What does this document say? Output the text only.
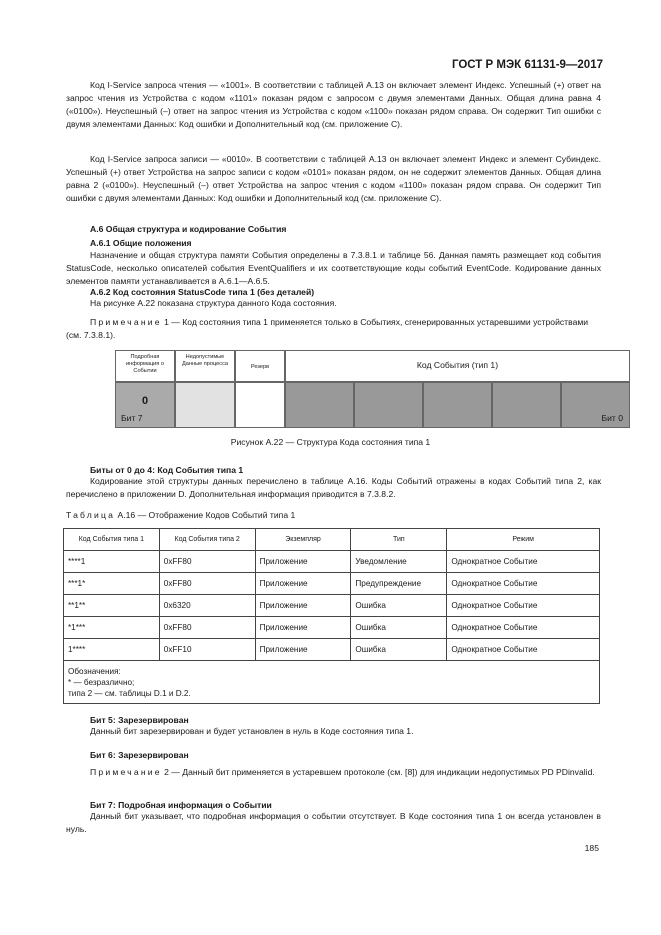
ГОСТ Р МЭК 61131-9—2017
Код I-Service запроса чтения — «1001». В соответствии с таблицей А.13 он включает элемент Индекс. Успешный (+) ответ на запрос чтения из Устройства с кодом «1101» показан рядом с запросом с двумя элементами Данных. Общая длина равна 4 («0100»). Неуспешный (–) ответ на запрос чтения из Устройства с кодом «1100» показан рядом справа. Он содержит Тип ошибки с двумя элементами Данных: Код ошибки и Дополнительный код (см. приложение С).
Код I-Service запроса записи — «0010». В соответствии с таблицей А.13 он включает элемент Индекс и элемент Субиндекс. Успешный (+) ответ Устройства на запрос записи с кодом «0101» показан рядом, он не содержит элементов Данных. Общая длина равна 2 («0100»). Неуспешный (–) ответ Устройства на запрос чтения с кодом «1100» показан рядом справа. Он содержит Тип ошибки с двумя элементами Данных: Код ошибки и Дополнительный код (см. приложение С).
А.6 Общая структура и кодирование События
А.6.1 Общие положения
Назначение и общая структура памяти События определены в 7.3.8.1 и таблице 56. Данная память размещает код события StatusCode, несколько описателей события EventQualifiers и их соответствующие коды событий EventCode. Кодирование данных элементов памяти устанавливается в А.6.1—А.6.5.
А.6.2 Код состояния StatusCode типа 1 (без деталей)
На рисунке А.22 показана структура данного Кода состояния.
Примечание 1 — Код состояния типа 1 применяется только в Событиях, сгенерированных устаревшими устройствами (см. 7.3.8.1).
Подробная информация о Событии
Недопустимые Данные процесса	Резерв	Код События (тип 1)
0
Бит 7	Бит 0
Рисунок А.22 — Структура Кода состояния типа 1
Биты от 0 до 4: Код События типа 1
Кодирование этой структуры данных перечислено в таблице А.16. Коды Событий отражены в кодах Событий типа 2, как перечислено в приложении D. Дополнительная информация приводится в 7.3.8.2.
Таблица А.16 — Отображение Кодов Событий типа 1
Код События типа 1	Код События типа 2	Экземпляр	Тип	Режим
****1	0xFF80	Приложение	Уведомление	Однократное Событие
***1*	0xFF80	Приложение	Предупреждение	Однократное Событие
**1**	0x6320	Приложение	Ошибка	Однократное Событие
*1***	0xFF80	Приложение	Ошибка	Однократное Событие
1****	0xFF10	Приложение	Ошибка	Однократное Событие

Обозначения:
* — безразлично;
типа 2 — см. таблицы D.1 и D.2.				
Бит 5: Зарезервирован
Данный бит зарезервирован и будет установлен в нуль в Коде состояния типа 1.
Бит 6: Зарезервирован
Примечание 2 — Данный бит применяется в устаревшем протоколе (см. [8]) для индикации недопустимых PD PDinvalid.
Бит 7: Подробная информация о Событии
Данный бит указывает, что подробная информация о событии отсутствует. В Коде состояния типа 1 он всегда установлен в нуль.
185
